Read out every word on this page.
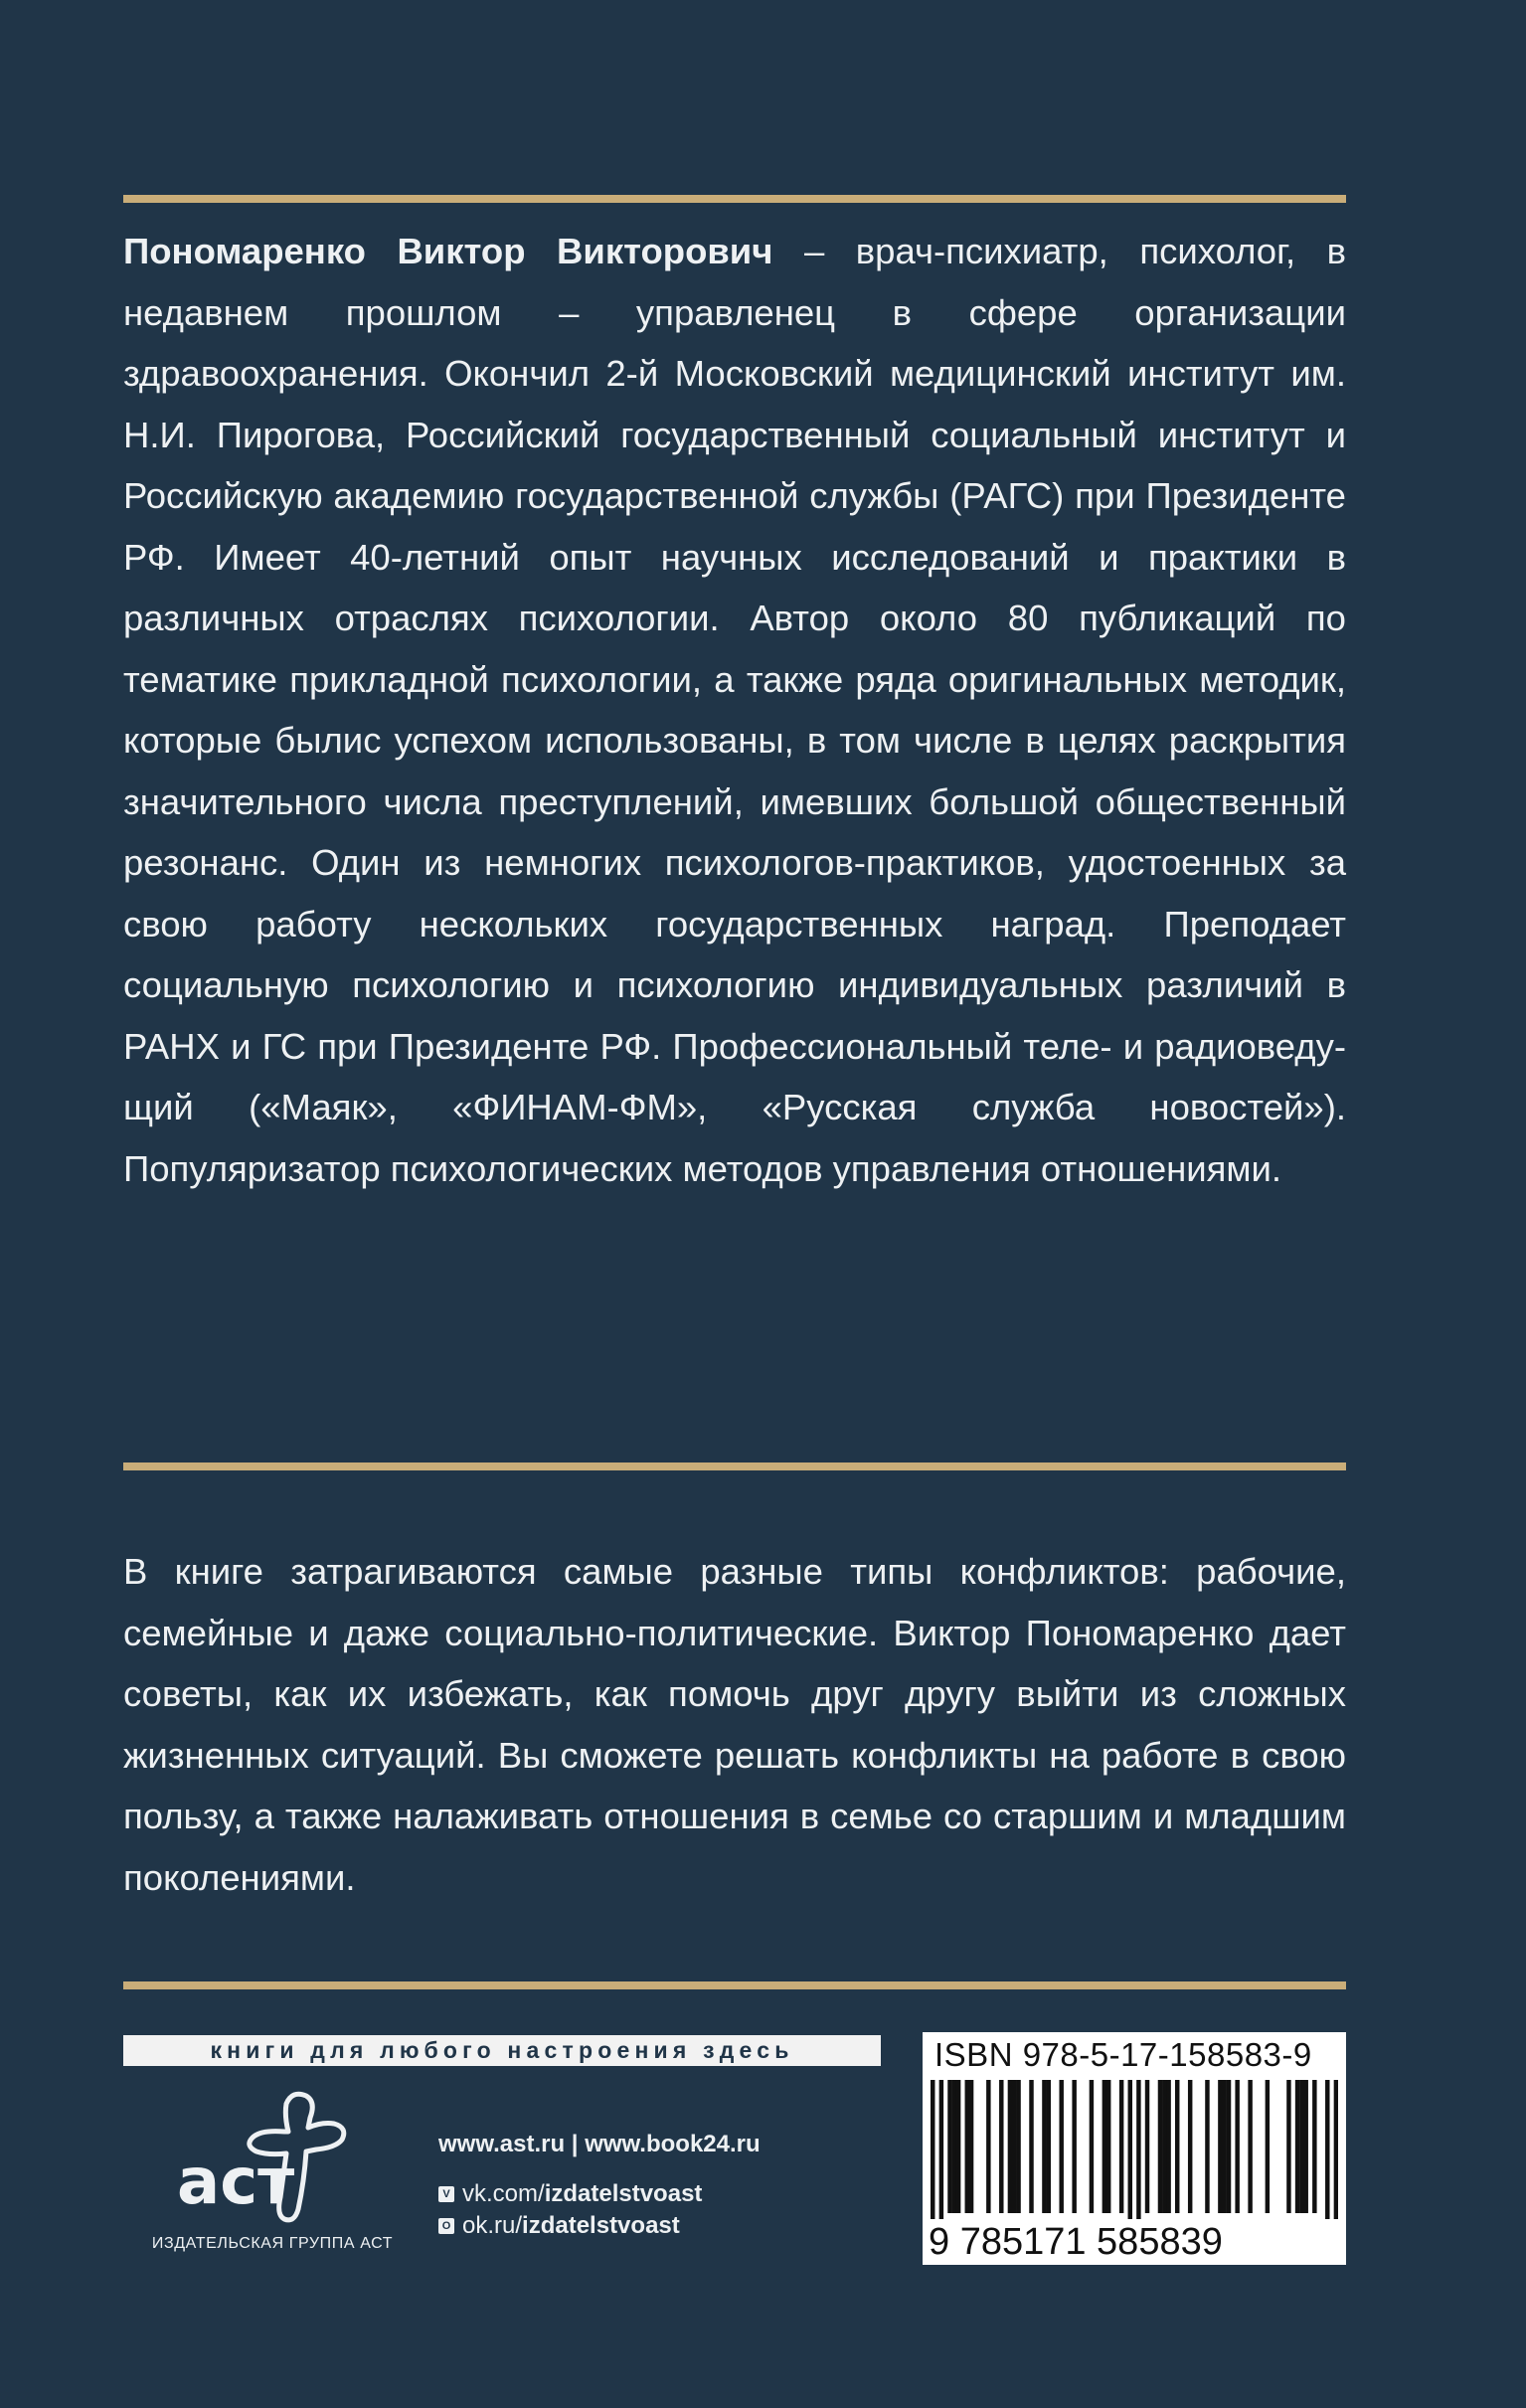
Пономаренко Виктор Викторович – врач-психиатр, психолог, в недавнем прошлом – управленец в сфере организации здравоохранения. Окончил 2-й Московский медицинский институт им. Н.И. Пирогова, Российский государственный социальный институт и Российскую академию государственной службы (РАГС) при Президенте РФ. Имеет 40-летний опыт научных исследований и практики в различных отраслях психологии. Автор около 80 публикаций по тематике прикладной психологии, а также ряда оригинальных методик, которые былис успехом использованы, в том числе в целях раскрытия значительного числа преступлений, имевших большой общественный резонанс. Один из немногих психологов-практиков, удостоенных за свою работу нескольких государственных наград. Преподает социальную психологию и психологию индивидуальных различий в РАНХ и ГС при Президенте РФ. Профессиональный теле- и радиоведущий («Маяк», «ФИНАМ-ФМ», «Русская служба новостей»). Популяризатор психологических методов управления отношениями.
В книге затрагиваются самые разные типы конфликтов: рабочие, семейные и даже социально-политические. Виктор Пономаренко дает советы, как их избежать, как помочь друг другу выйти из сложных жизненных ситуаций. Вы сможете решать конфликты на работе в свою пользу, а также налаживать отношения в семье со старшим и младшим поколениями.
книги для любого настроения здесь
аст
ИЗДАТЕЛЬСКАЯ ГРУППА АСТ
www.ast.ru | www.book24.ru
V vk.com/ izdatelstvoast
O ok.ru/ izdatelstvoast
ISBN 978-5-17-158583-9
9 785171 585839
